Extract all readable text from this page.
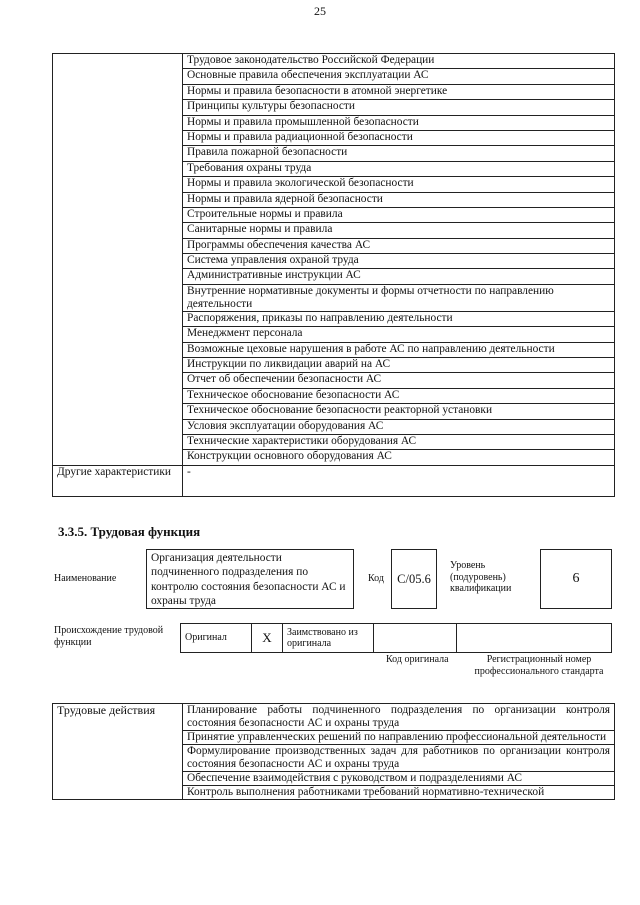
25
	Трудовое законодательство Российской Федерации
	Основные правила обеспечения эксплуатации АС
	Нормы и правила безопасности в атомной энергетике
	Принципы культуры безопасности
	Нормы и правила промышленной безопасности
	Нормы и правила радиационной безопасности
	Правила пожарной безопасности
	Требования охраны труда
	Нормы и правила экологической безопасности
	Нормы и правила ядерной безопасности
	Строительные нормы и правила
	Санитарные нормы и правила
	Программы обеспечения качества АС
	Система управления охраной труда
	Административные инструкции АС
	Внутренние нормативные документы и формы отчетности по направлению деятельности
	Распоряжения, приказы по направлению деятельности
	Менеджмент персонала
	Возможные цеховые нарушения в работе АС по направлению деятельности
	Инструкции по ликвидации аварий на АС
	Отчет об обеспечении безопасности АС
	Техническое обоснование безопасности АС
	Техническое обоснование безопасности реакторной установки
	Условия эксплуатации оборудования АС
	Технические характеристики оборудования АС
	Конструкции основного оборудования АС
Другие характеристики	-
3.3.5. Трудовая функция
Наименование
Организация деятельности подчиненного подразделения по контролю состояния безопасности АС и охраны труда
Код	С/05.6
Уровень (подуровень) квалификации
6
Происхождение трудовой функции	Оригинал	X	Заимствовано из оригинала		
Код оригинала	Регистрационный номер профессионального стандарта
Трудовые действия	Планирование работы подчиненного подразделения по организации контроля состояния безопасности АС и охраны труда
Принятие управленческих решений по направлению профессиональной деятельности
Формулирование производственных задач для работников по организации контроля состояния безопасности АС и охраны труда
Обеспечение взаимодействия с руководством и подразделениями АС
Контроль выполнения работниками требований нормативно-технической
